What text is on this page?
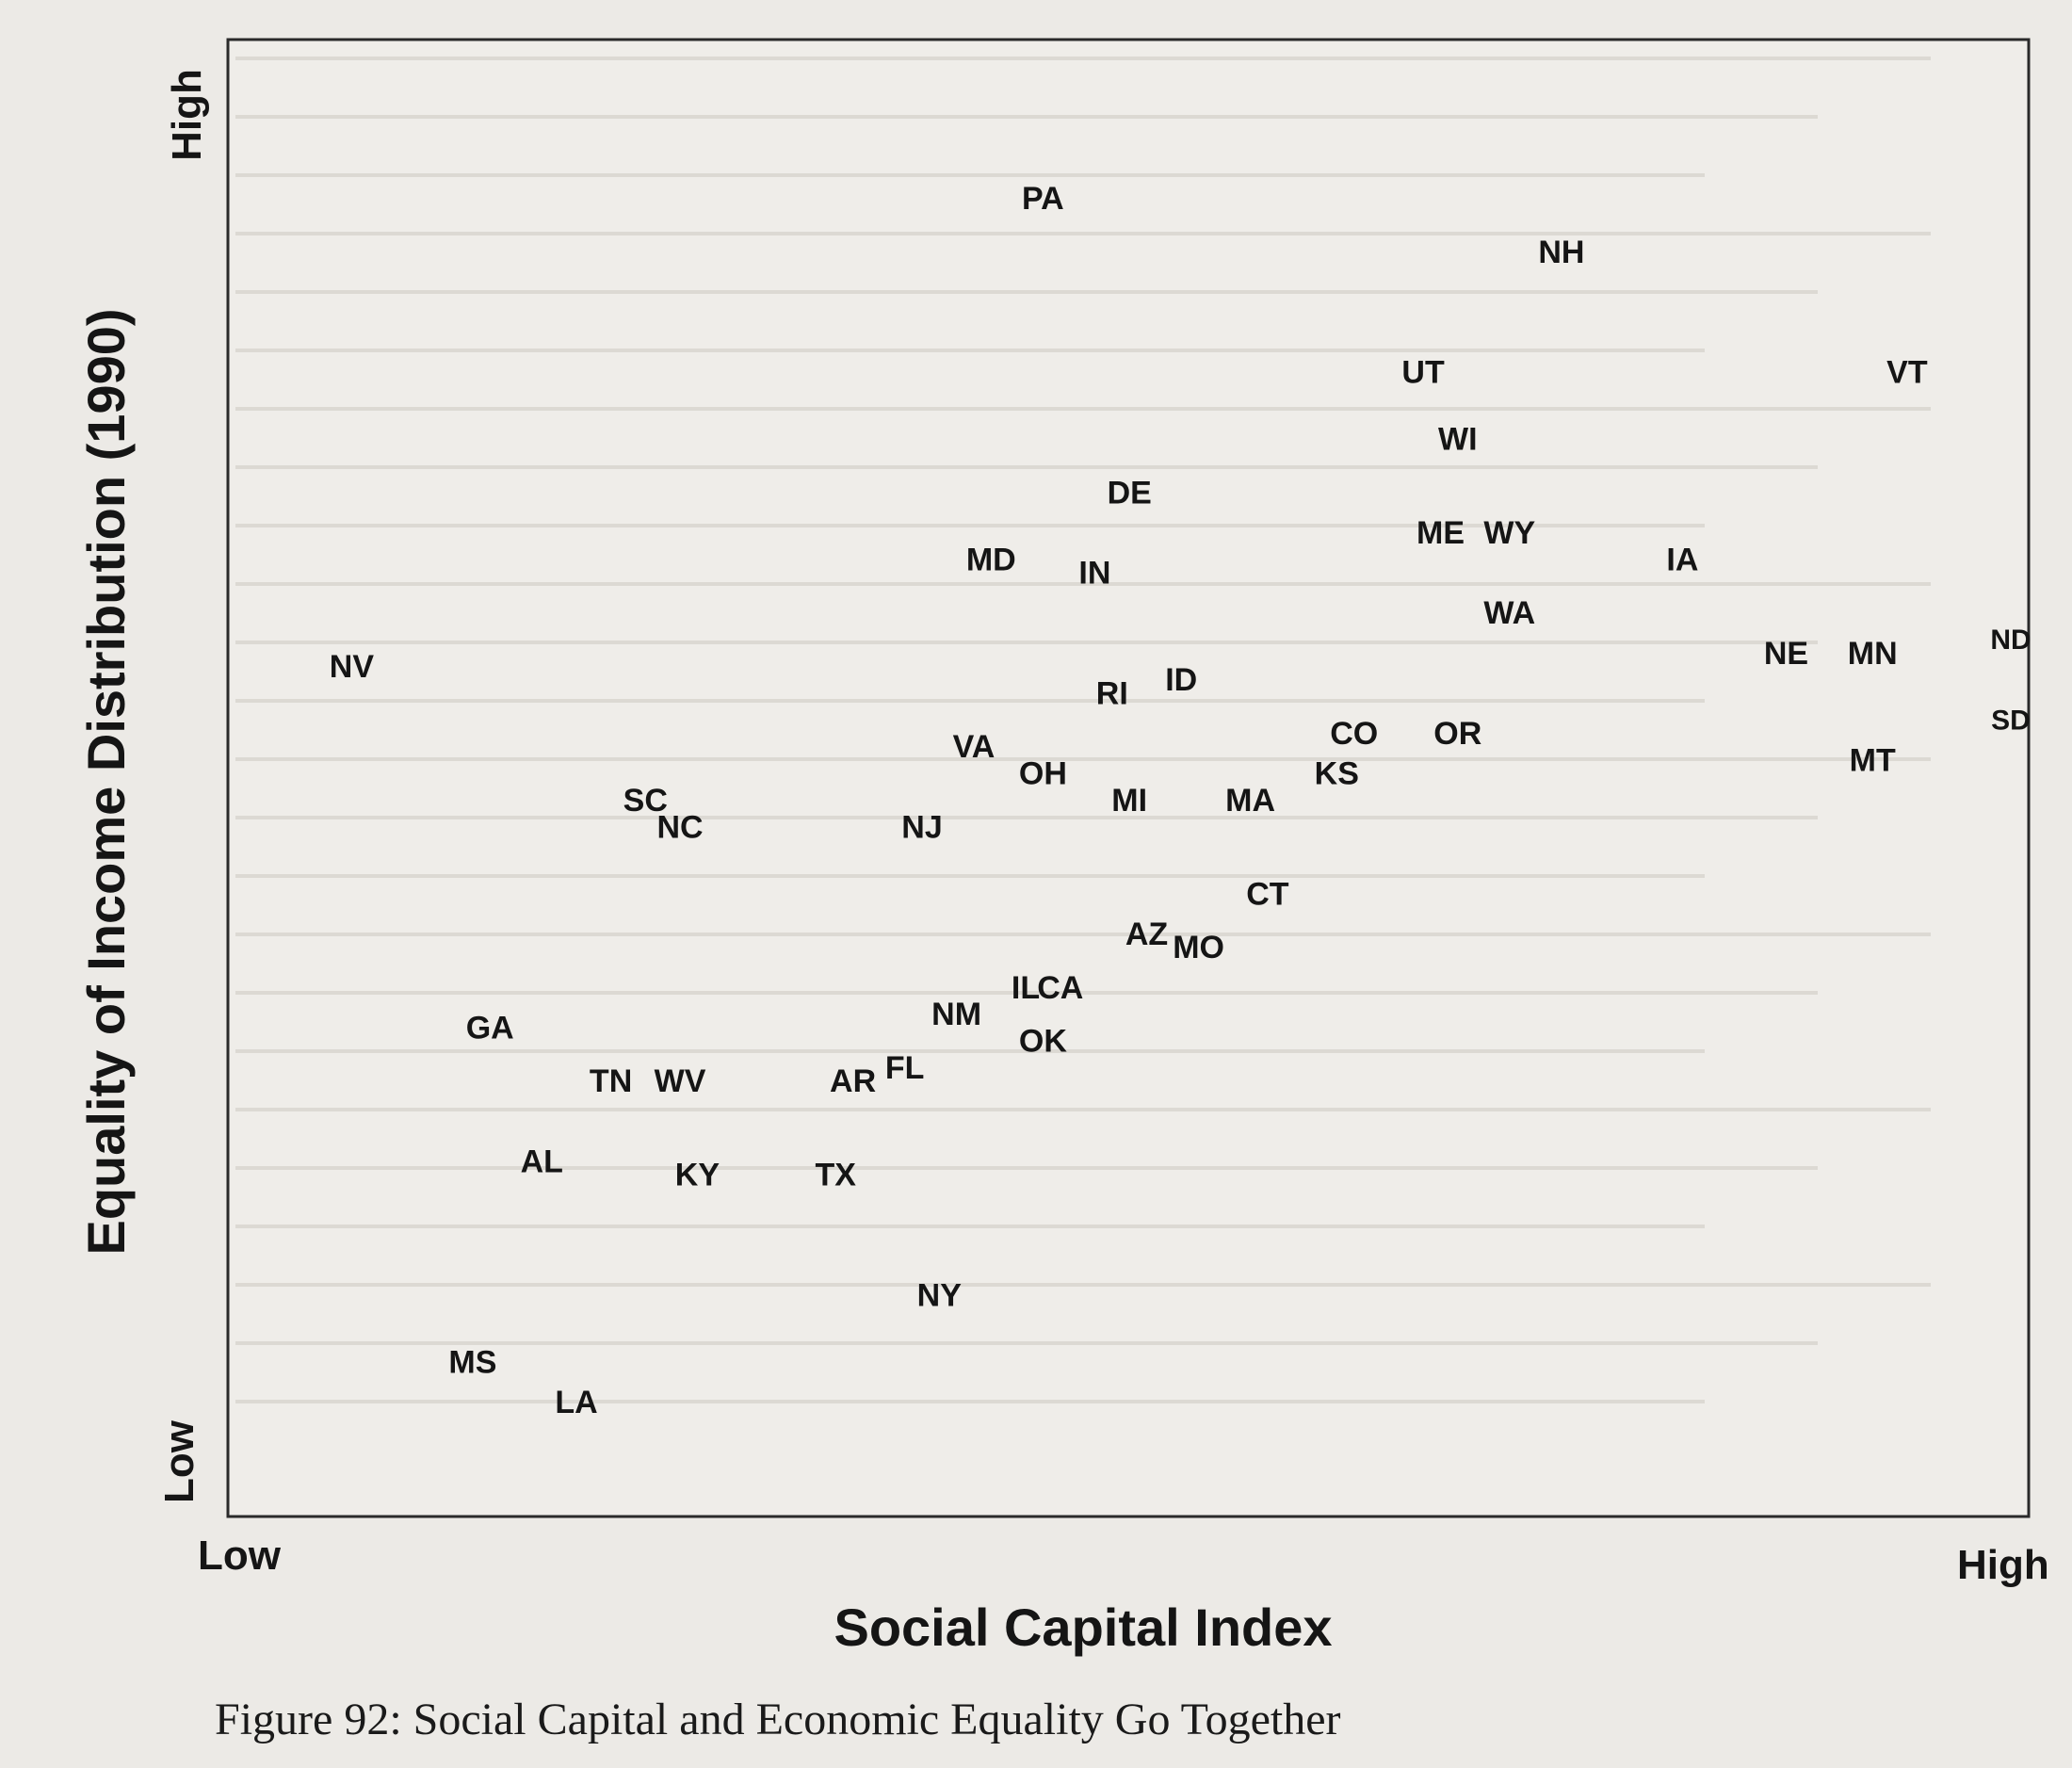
PA
NH
UT	VT
WI
DE
ME WY
MD IN	IA
WA
NV	NE MN	ND
ID
RI
SD
OR
CO
KS	MT
VA
OH
SC
NC	NJ
MI MA
CT
AZ MO
IL
CA
NM
GA	OK
TN WV	AR FL
AL	KY	TX
NY
MS
LA
Social Capital Index
Low	High
Equality of Income Distribution (1990)
Low
High
Figure 92: Social Capital and Economic Equality Go Together
